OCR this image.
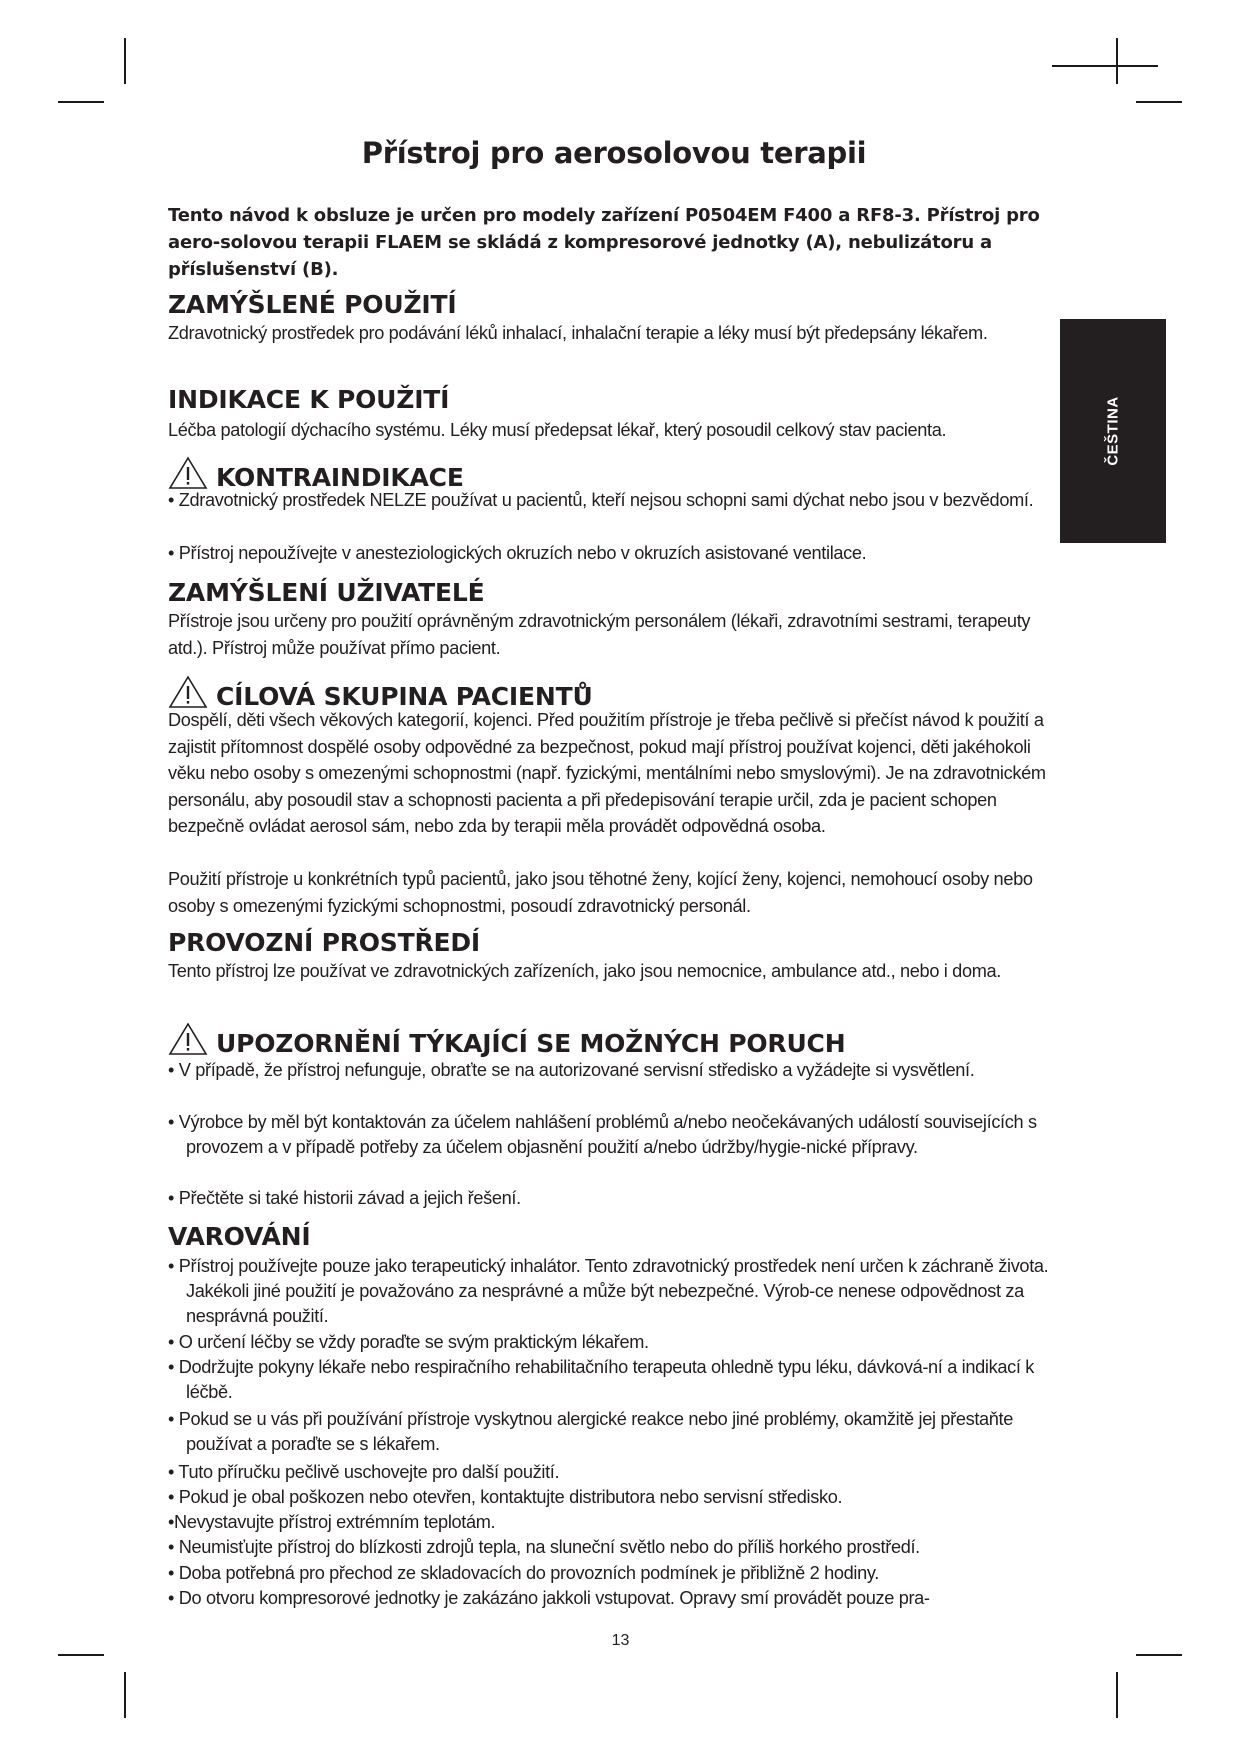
ČEŠTINA
Přístroj pro aerosolovou terapii
Tento návod k obsluze je určen pro modely zařízení P0504EM F400 a RF8-3. Přístroj pro aero-solovou terapii FLAEM se skládá z kompresorové jednotky (A), nebulizátoru a příslušenství (B).
ZAMÝŠLENÉ POUŽITÍ
Zdravotnický prostředek pro podávání léků inhalací, inhalační terapie a léky musí být předepsány lékařem.
INDIKACE K POUŽITÍ
Léčba patologií dýchacího systému. Léky musí předepsat lékař, který posoudil celkový stav pacienta.
KONTRAINDIKACE
• Zdravotnický prostředek NELZE používat u pacientů, kteří nejsou schopni sami dýchat nebo jsou v bezvědomí.
• Přístroj nepoužívejte v anesteziologických okruzích nebo v okruzích asistované ventilace.
ZAMÝŠLENÍ UŽIVATELÉ
Přístroje jsou určeny pro použití oprávněným zdravotnickým personálem (lékaři, zdravotními sestrami, terapeuty atd.). Přístroj může používat přímo pacient.
CÍLOVÁ SKUPINA PACIENTŮ
Dospělí, děti všech věkových kategorií, kojenci. Před použitím přístroje je třeba pečlivě si přečíst návod k použití a zajistit přítomnost dospělé osoby odpovědné za bezpečnost, pokud mají přístroj používat kojenci, děti jakéhokoli věku nebo osoby s omezenými schopnostmi (např. fyzickými, mentálními nebo smyslovými). Je na zdravotnickém personálu, aby posoudil stav a schopnosti pacienta a při předepisování terapie určil, zda je pacient schopen bezpečně ovládat aerosol sám, nebo zda by terapii měla provádět odpovědná osoba.
Použití přístroje u konkrétních typů pacientů, jako jsou těhotné ženy, kojící ženy, kojenci, nemohoucí osoby nebo osoby s omezenými fyzickými schopnostmi, posoudí zdravotnický personál.
PROVOZNÍ PROSTŘEDÍ
Tento přístroj lze používat ve zdravotnických zařízeních, jako jsou nemocnice, ambulance atd., nebo i doma.
UPOZORNĚNÍ TÝKAJÍCÍ SE MOŽNÝCH PORUCH
• V případě, že přístroj nefunguje, obraťte se na autorizované servisní středisko a vyžádejte si vysvětlení.
• Výrobce by měl být kontaktován za účelem nahlášení problémů a/nebo neočekávaných událostí souvisejících s provozem a v případě potřeby za účelem objasnění použití a/nebo údržby/hygie-nické přípravy.
• Přečtěte si také historii závad a jejich řešení.
VAROVÁNÍ
• Přístroj používejte pouze jako terapeutický inhalátor. Tento zdravotnický prostředek není určen k záchraně života. Jakékoli jiné použití je považováno za nesprávné a může být nebezpečné. Výrob-ce nenese odpovědnost za nesprávná použití.
• O určení léčby se vždy poraďte se svým praktickým lékařem.
• Dodržujte pokyny lékaře nebo respiračního rehabilitačního terapeuta ohledně typu léku, dávková-ní a indikací k léčbě.
• Pokud se u vás při používání přístroje vyskytnou alergické reakce nebo jiné problémy, okamžitě jej přestaňte používat a poraďte se s lékařem.
• Tuto příručku pečlivě uschovejte pro další použití.
• Pokud je obal poškozen nebo otevřen, kontaktujte distributora nebo servisní středisko.
• Nevystavujte přístroj extrémním teplotám.
• Neumisťujte přístroj do blízkosti zdrojů tepla, na sluneční světlo nebo do příliš horkého prostředí.
• Doba potřebná pro přechod ze skladovacích do provozních podmínek je přibližně 2 hodiny.
• Do otvoru kompresorové jednotky je zakázáno jakkoli vstupovat. Opravy smí provádět pouze pra-
13
